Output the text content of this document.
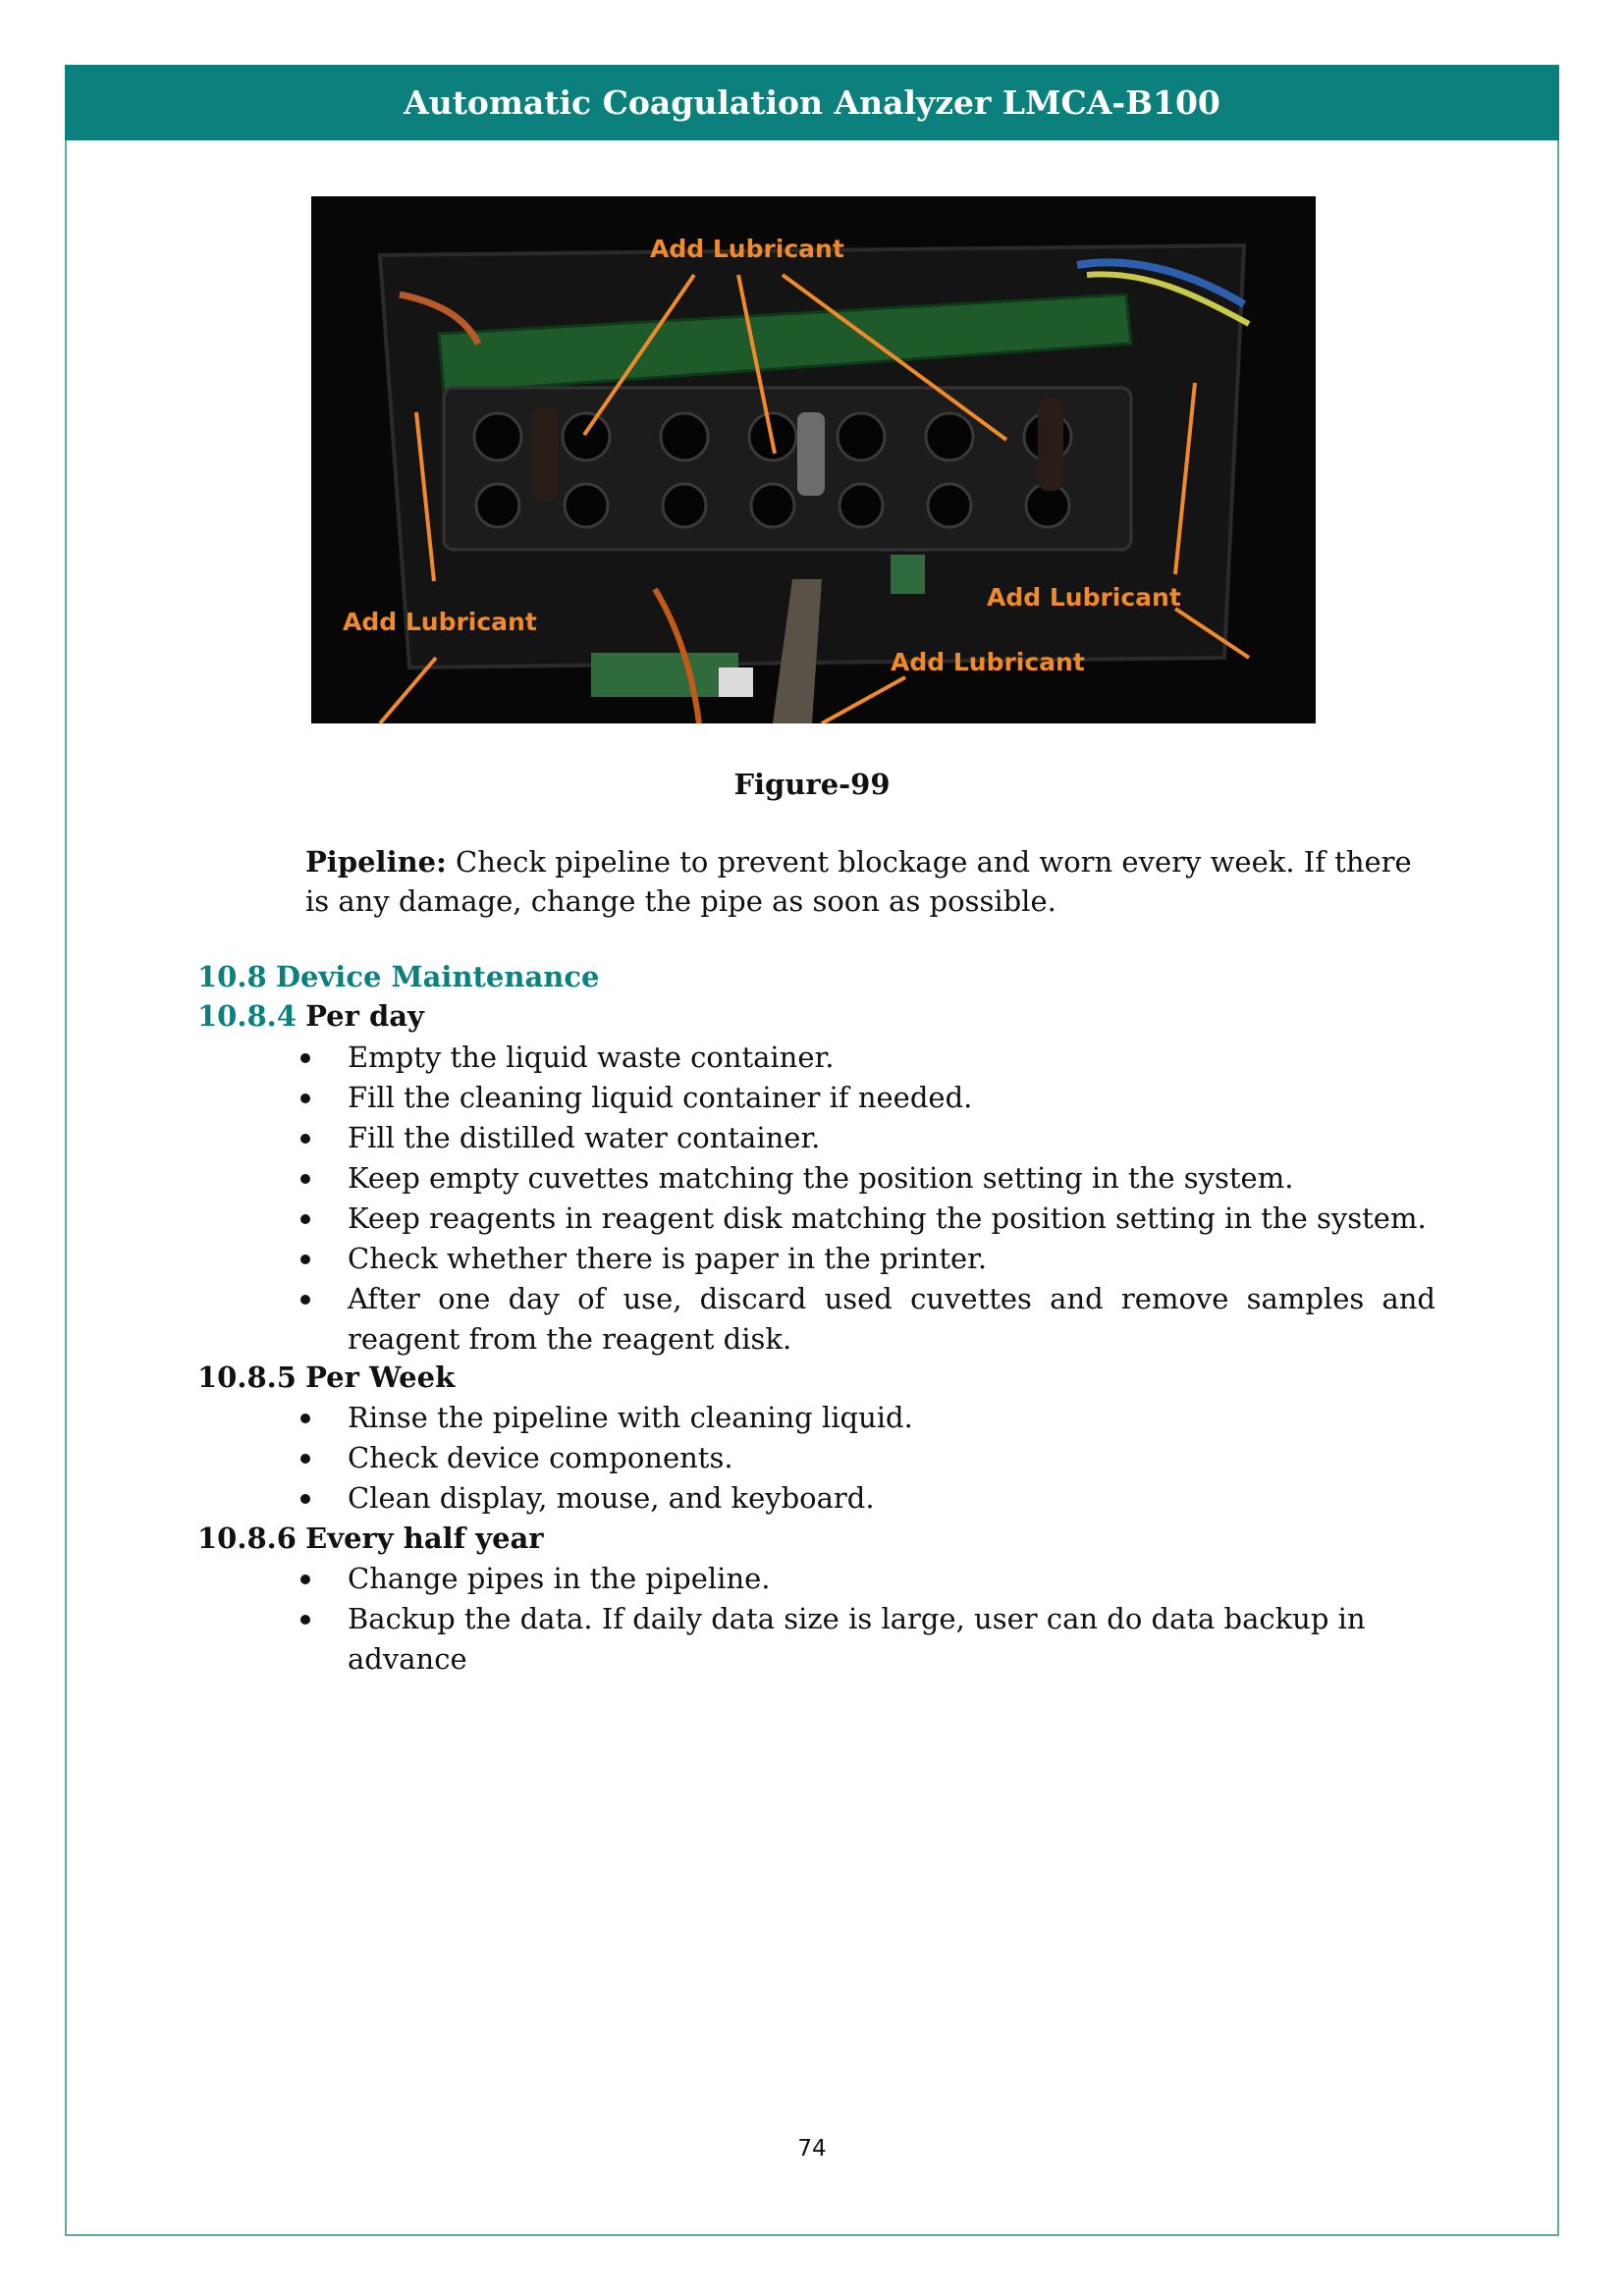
Automatic Coagulation Analyzer LMCA-B100
Add Lubricant
Add Lubricant
Add Lubricant
Add Lubricant
Figure-99
Pipeline: Check pipeline to prevent blockage and worn every week. If there is any damage, change the pipe as soon as possible.
10.8 Device Maintenance
10.8.4 Per day
Empty the liquid waste container.
Fill the cleaning liquid container if needed.
Fill the distilled water container.
Keep empty cuvettes matching the position setting in the system.
Keep reagents in reagent disk matching the position setting in the system.
Check whether there is paper in the printer.
After one day of use, discard used cuvettes and remove samples and reagent from the reagent disk.
10.8.5 Per Week
Rinse the pipeline with cleaning liquid.
Check device components.
Clean display, mouse, and keyboard.
10.8.6 Every half year
Change pipes in the pipeline.
Backup the data. If daily data size is large, user can do data backup in advance
74
